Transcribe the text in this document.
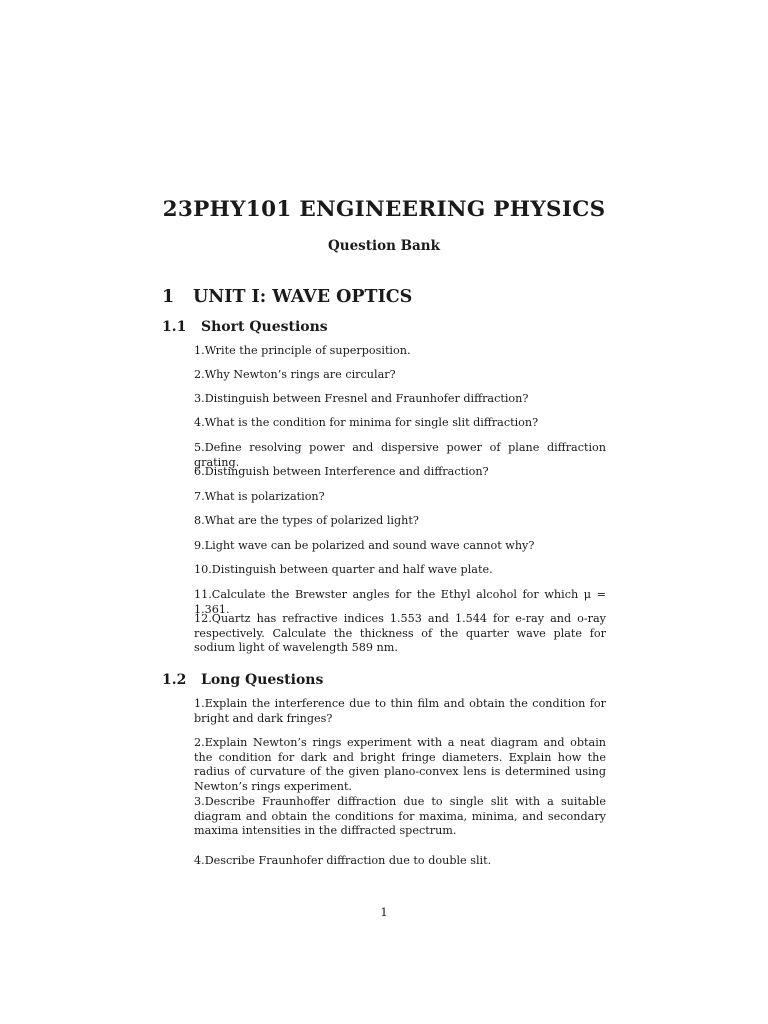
23PHY101 ENGINEERING PHYSICS
Question Bank
1 UNIT I: WAVE OPTICS
1.1 Short Questions
1.Write the principle of superposition.
2.Why Newton’s rings are circular?
3.Distinguish between Fresnel and Fraunhofer diffraction?
4.What is the condition for minima for single slit diffraction?
5.Define resolving power and dispersive power of plane diffraction grating.
6.Distinguish between Interference and diffraction?
7.What is polarization?
8.What are the types of polarized light?
9.Light wave can be polarized and sound wave cannot why?
10.Distinguish between quarter and half wave plate.
11.Calculate the Brewster angles for the Ethyl alcohol for which μ = 1.361.
12.Quartz has refractive indices 1.553 and 1.544 for e-ray and o-ray respectively. Calculate the thickness of the quarter wave plate for sodium light of wavelength 589 nm.
1.2 Long Questions
1.Explain the interference due to thin film and obtain the condition for bright and dark fringes?
2.Explain Newton’s rings experiment with a neat diagram and obtain the condition for dark and bright fringe diameters. Explain how the radius of curvature of the given plano-convex lens is determined using Newton’s rings experiment.
3.Describe Fraunhoffer diffraction due to single slit with a suitable diagram and obtain the conditions for maxima, minima, and secondary maxima intensities in the diffracted spectrum.
4.Describe Fraunhofer diffraction due to double slit.

1
